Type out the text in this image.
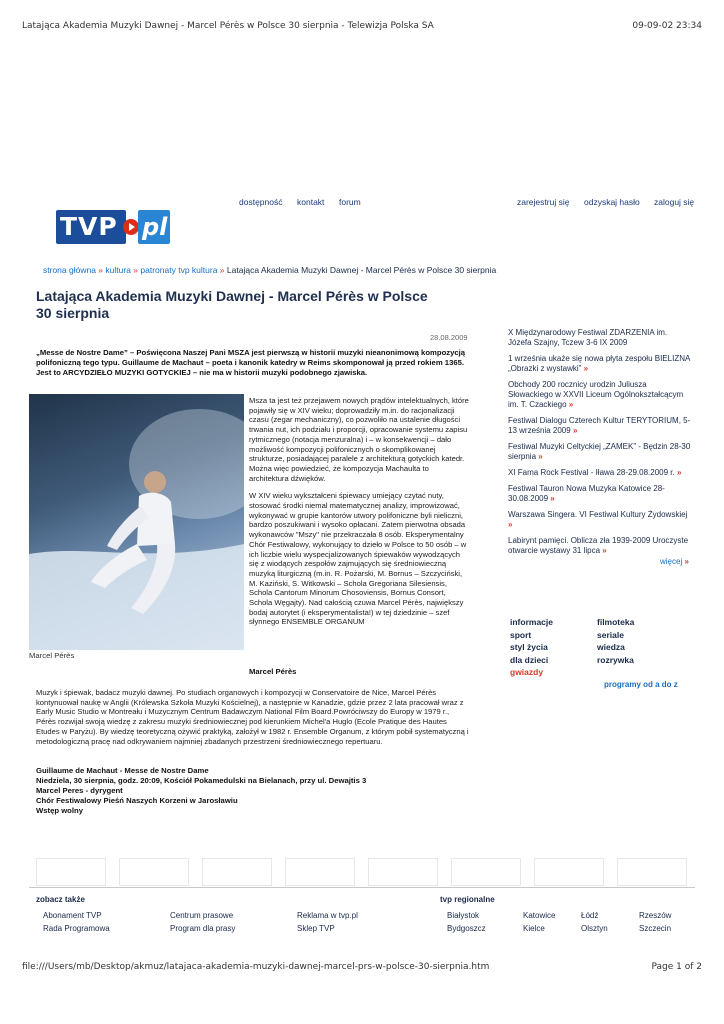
Latająca Akademia Muzyki Dawnej - Marcel Pérès w Polsce 30 sierpnia - Telewizja Polska SA	09-09-02 23:34
dostępność kontakt forum	zarejestruj się odzyskaj hasło zaloguj się
TVP pl
strona główna » kultura » patronaty tvp kultura » Latająca Akademia Muzyki Dawnej - Marcel Pérès w Polsce 30 sierpnia
Latająca Akademia Muzyki Dawnej - Marcel Pérès w Polsce
30 sierpnia
28.08.2009
„Messe de Nostre Dame” – Poświęcona Naszej Pani MSZA jest pierwszą w historii muzyki nieanonimową kompozycją polifoniczną tego typu. Guillaume de Machaut – poeta i kanonik katedry w Reims skomponował ją przed rokiem 1365. Jest to ARCYDZIEŁO MUZYKI GOTYCKIEJ – nie ma w historii muzyki podobnego zjawiska.
Marcel Pérès

Msza ta jest też przejawem nowych prądów intelektualnych, które pojawiły się w XIV wieku; doprowadziły m.in. do racjonalizacji czasu (zegar mechaniczny), co pozwoliło na ustalenie długości trwania nut, ich podziału i proporcji, opracowanie systemu zapisu rytmicznego (notacja menzuralna) i – w konsekwencji – dało możliwość kompozycji polifonicznych o skomplikowanej strukturze, posiadającej paralele z architekturą gotyckich katedr. Można więc powiedzieć, że kompozycja Machaulta to architektura dźwięków.

W XIV wieku wykształceni śpiewacy umiejący czytać nuty, stosować środki niemal matematycznej analizy, improwizować, wykonywać w grupie kantorów utwory polifoniczne byli nieliczni, bardzo poszukiwani i wysoko opłacani. Zatem pierwotna obsada wykonawców "Mszy" nie przekraczała 8 osób. Eksperymentalny Chór Festiwalowy, wykonujący to dzieło w Polsce to 50 osób – w ich liczbie wielu wyspecjalizowanych śpiewaków wywodzących się z wiodących zespołów zajmujących się średniowieczną muzyką liturgiczną (m.in. R. Pożarski, M. Bornus – Szczyciński, M. Kaziński, S. Witkowski – Schola Gregoriana Silesiensis, Schola Cantorum Minorum Chosoviensis, Bornus Consort, Schola Węgajty). Nad całością czuwa Marcel Pérès, największy bodaj autorytet (i eksperymentalista!) w tej dziedzinie – szef słynnego ENSEMBLE ORGANUM

Marcel Pérès
Muzyk i śpiewak, badacz muzyki dawnej. Po studiach organowych i kompozycji w Conservatoire de Nice, Marcel Pérès kontynuował naukę w Anglii (Królewska Szkoła Muzyki Kościelnej), a następnie w Kanadzie, gdzie przez 2 lata pracował wraz z Early Music Studio w Montreału i Muzycznym Centrum Badawczym National Film Board.Powróciwszy do Europy w 1979 r., Pérès rozwijał swoją wiedzę z zakresu muzyki średniowiecznej pod kierunkiem Michel'a Huglo (Ecole Pratique des Hautes Etudes w Paryżu). By wiedzę teoretyczną ożywić praktyką, założył w 1982 r. Ensemble Organum, z którym pobił systematyczną i metodologiczną pracę nad odkrywaniem najmniej zbadanych przestrzeni średniowiecznego repertuaru.
Guillaume de Machaut - Messe de Nostre Dame
Niedziela, 30 sierpnia, godz. 20:09, Kościół Pokamedulski na Bielanach, przy ul. Dewajtis 3
Marcel Peres - dyrygent
Chór Festiwalowy Pieśń Naszych Korzeni w Jarosławiu
Wstęp wolny
X Międzynarodowy Festiwal ZDARZENIA im. Józefa Szajny, Tczew 3-6 IX 2009
1 września ukaże się nowa płyta zespołu BIELIZNA „Obrazki z wystawki” »
Obchody 200 rocznicy urodzin Juliusza Słowackiego w XXVII Liceum Ogólnokształcącym im. T. Czackiego »
Festiwal Dialogu Czterech Kultur TERYTORIUM, 5-13 września 2009 »
Festiwal Muzyki Celtyckiej „ZAMEK” - Będzin 28-30 sierpnia »
XI Fama Rock Festival - Iława 28-29.08.2009 r. »
Festiwal Tauron Nowa Muzyka Katowice 28-30.08.2009 »
Warszawa Singera. VI Festiwal Kultury Żydowskiej »
Labirynt pamięci. Oblicza zła 1939-2009 Uroczyste otwarcie wystawy 31 lipca »
więcej »
informacje
sport
styl życia
dla dzieci
gwiazdy
filmoteka
seriale
wiedza
rozrywka
programy od a do z
zobacz także
Abonament TVP
Rada Programowa
Centrum prasowe
Program dla prasy
Reklama w tvp.pl
Sklep TVP
tvp regionalne
Białystok
Bydgoszcz
Katowice
Kielce
Łódź
Olsztyn
Rzeszów
Szczecin
file:///Users/mb/Desktop/akmuz/latajaca-akademia-muzyki-dawnej-marcel-prs-w-polsce-30-sierpnia.htm	Page 1 of 2
